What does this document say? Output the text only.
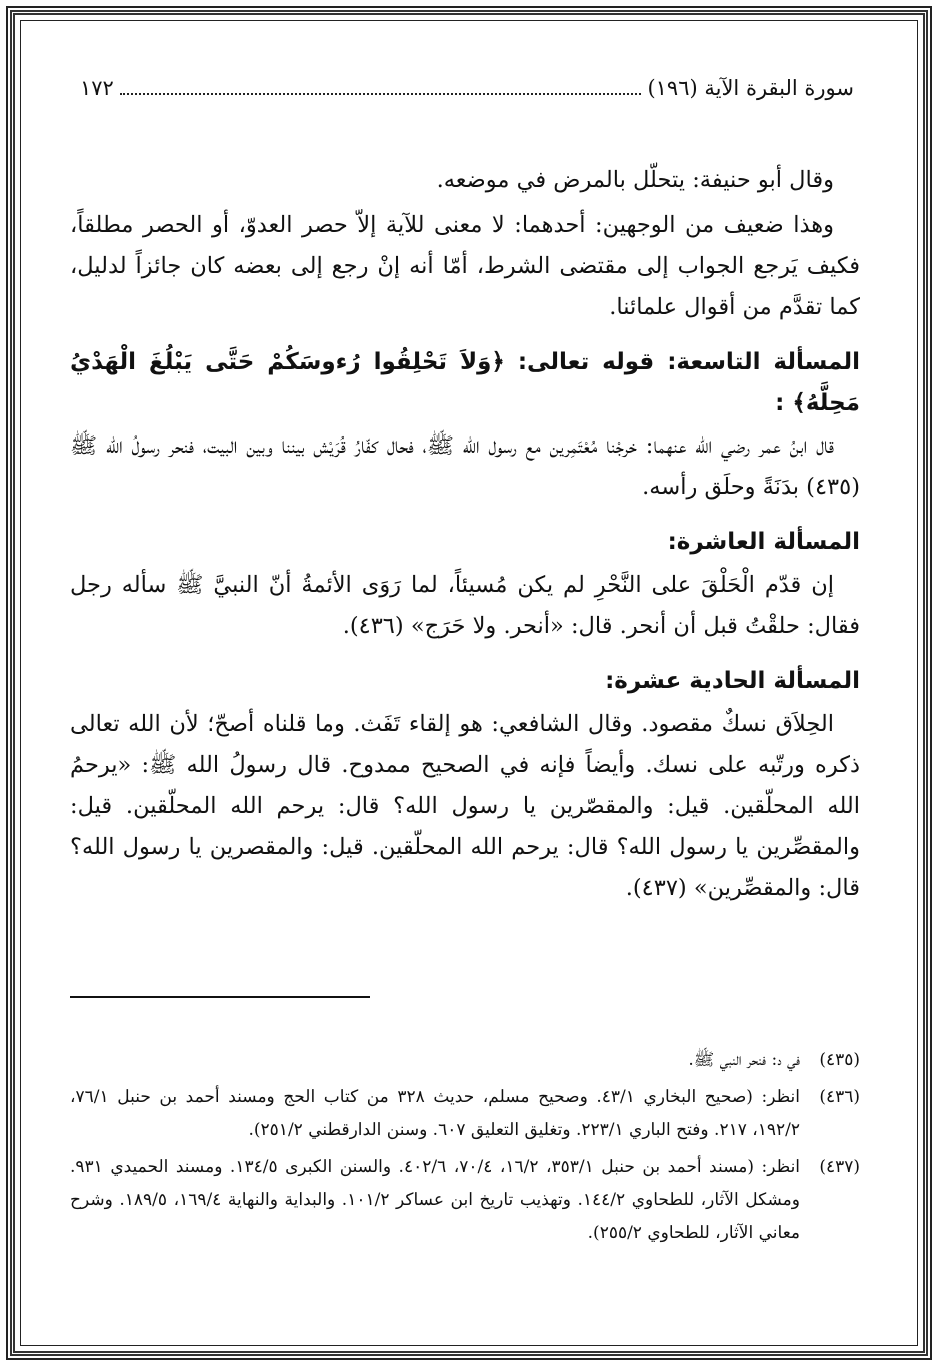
١٧٢	سورة البقرة الآية (١٩٦)

وقال أبو حنيفة: يتحلّل بالمرض في موضعه.

وهذا ضعيف من الوجهين: أحدهما: لا معنى للآية إلاّ حصر العدوّ، أو الحصر مطلقاً، فكيف يَرجع الجواب إلى مقتضى الشرط، أمّا أنه إنْ رجع إلى بعضه كان جائزاً لدليل، كما تقدَّم من أقوال علمائنا.

المسألة التاسعة: قوله تعالى: ﴿وَلاَ تَحْلِقُوا رُءوسَكُمْ حَتَّى يَبْلُغَ الْهَدْيُ مَحِلَّهُ﴾ :

قال ابنُ عمر رضي الله عنهما: خرجْنا مُعْتَمِرين مع رسول الله ﷺ، فحال كفّارُ قُرَيْش بيننا وبين البيت، فنحر رسولُ الله ﷺ (٤٣٥) بدَنَةً وحلَق رأسه.

المسألة العاشرة:

إن قدّم الْحَلْقَ على النَّحْرِ لم يكن مُسيئاً، لما رَوَى الأئمةُ أنّ النبيَّ ﷺ سأله رجل فقال: حلقْتُ قبل أن أنحر. قال: «أنحر. ولا حَرَج» (٤٣٦).

المسألة الحادية عشرة:

الحِلاَق نسكٌ مقصود. وقال الشافعي: هو إلقاء تَفَث. وما قلناه أصحّ؛ لأن الله تعالى ذكره ورتّبه على نسك. وأيضاً فإنه في الصحيح ممدوح. قال رسولُ الله ﷺ: «يرحمُ الله المحلّقين. قيل: والمقصّرين يا رسول الله؟ قال: يرحم الله المحلّقين. قيل: والمقصِّرين يا رسول الله؟ قال: يرحم الله المحلّقين. قيل: والمقصرين يا رسول الله؟ قال: والمقصِّرين» (٤٣٧).

(٤٣٥)
في د: فنحر النبي ﷺ.
(٤٣٦)
انظر: (صحيح البخاري ٤٣/١. وصحيح مسلم، حديث ٣٢٨ من كتاب الحج ومسند أحمد بن حنبل ٧٦/١، ١٩٢/٢، ٢١٧. وفتح الباري ٢٢٣/١. وتغليق التعليق ٦٠٧. وسنن الدارقطني ٢٥١/٢).
(٤٣٧)
انظر: (مسند أحمد بن حنبل ٣٥٣/١، ١٦/٢، ٧٠/٤، ٤٠٢/٦. والسنن الكبرى ١٣٤/٥. ومسند الحميدي ٩٣١. ومشكل الآثار، للطحاوي ١٤٤/٢. وتهذيب تاريخ ابن عساكر ١٠١/٢. والبداية والنهاية ١٦٩/٤، ١٨٩/٥. وشرح معاني الآثار، للطحاوي ٢٥٥/٢).
